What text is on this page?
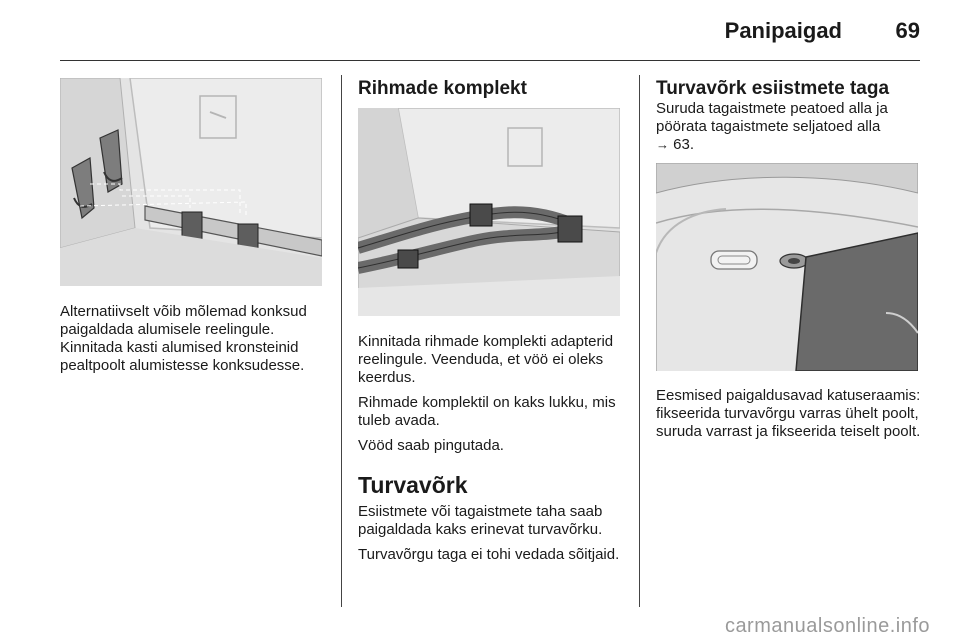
Panipaigad 69

Alternatiivselt võib mõlemad konksud paigaldada alumisele reelingule.

Kinnitada kasti alumised kronsteinid pealtpoolt alumistesse konksudesse.

Rihmade komplekt

Kinnitada rihmade komplekti adapterid reelingule. Veenduda, et vöö ei oleks keerdus.

Rihmade komplektil on kaks lukku, mis tuleb avada.

Vööd saab pingutada.

Turvavõrk

Esiistmete või tagaistmete taha saab paigaldada kaks erinevat turvavõrku.

Turvavõrgu taga ei tohi vedada sõitjaid.

Turvavõrk esiistmete taga
Suruda tagaistmete peatoed alla ja
pöörata tagaistmete seljatoed alla
→ 63.

Eesmised paigaldusavad katuseraamis: fikseerida turvavõrgu varras ühelt poolt, suruda varrast ja fikseerida teiselt poolt.

carmanualsonline.info
